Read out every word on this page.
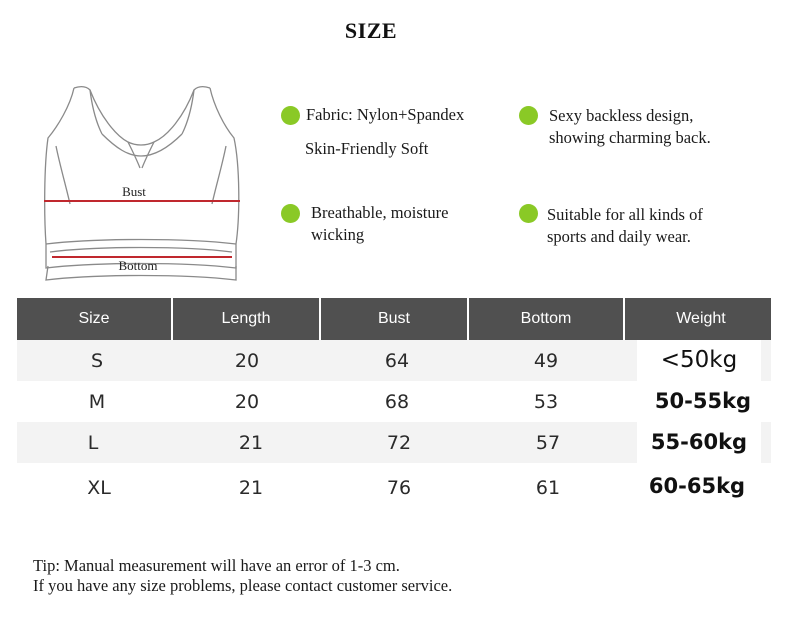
SIZE
Bust
Bottom
Fabric: Nylon+Spandex
Skin-Friendly Soft
Sexy backless design,
showing charming back.
Breathable, moisture
wicking
Suitable for all kinds of
sports and daily wear.
Size	Length	Bust	Bottom	Weight
S	20	64	49	<50kg
M	20	68	53	50-55kg
L	21	72	57	55-60kg
XL	21	76	61	60-65kg
Tip: Manual measurement will have an error of 1-3 cm.
If you have any size problems, please contact customer service.
